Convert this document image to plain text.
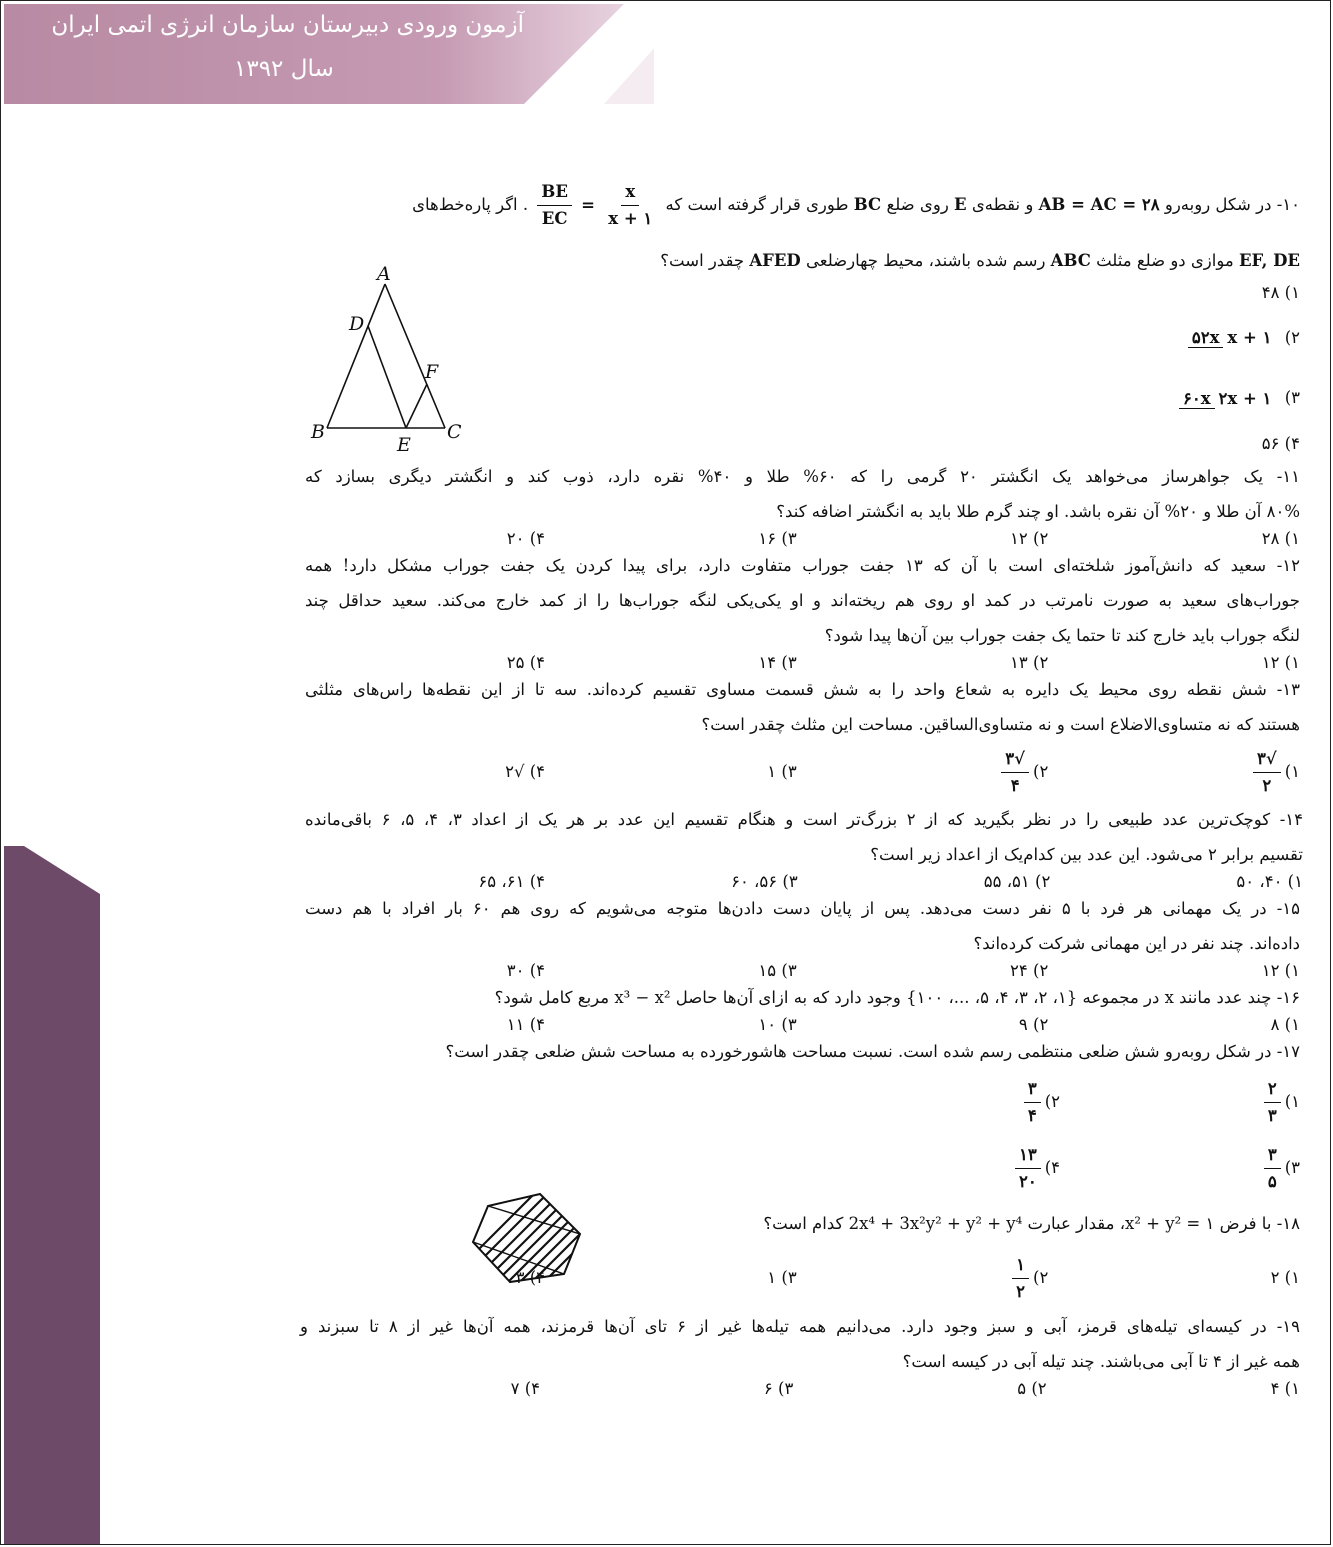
آزمون ورودی دبیرستان سازمان انرژی اتمی ایران
سال ۱۳۹۲
A
D
F
B	C
E
۱۰- در شکل روبه‌رو AB = AC = ۲۸ و نقطه‌ی E روی ضلع BC طوری قرار گرفته است که
$\frac{BE}{EC} = \frac{x}{x + ۱}$
. اگر پاره‌خط‌های
EF, DE موازی دو ضلع مثلث ABC رسم شده باشند، محیط چهارضلعی AFED چقدر است؟
۱) ۴۸
۲) ۵۲x x + ۱
۳) ۶۰x ۲x + ۱
۴) ۵۶
۱۱- یک جواهرساز می‌خواهد یک انگشتر ۲۰ گرمی را که ۶۰% طلا و ۴۰% نقره دارد، ذوب کند و انگشتر دیگری بسازد که
۸۰% آن طلا و ۲۰% آن نقره باشد. او چند گرم طلا باید به انگشتر اضافه کند؟
۱) ۲۸
۲) ۱۲
۳) ۱۶
۴) ۲۰
۱۲- سعید که دانش‌آموز شلخته‌ای است با آن که ۱۳ جفت جوراب متفاوت دارد، برای پیدا کردن یک جفت جوراب مشکل دارد! همه
جوراب‌های سعید به صورت نامرتب در کمد او روی هم ریخته‌اند و او یکی‌یکی لنگه جوراب‌ها را از کمد خارج می‌کند. سعید حداقل چند
لنگه جوراب باید خارج کند تا حتما یک جفت جوراب بین آن‌ها پیدا شود؟
۱) ۱۲
۲) ۱۳
۳) ۱۴
۴) ۲۵
۱۳- شش نقطه روی محیط یک دایره به شعاع واحد را به شش قسمت مساوی تقسیم کرده‌اند. سه تا از این نقطه‌ها راس‌های مثلثی
هستند که نه متساوی‌الاضلاع است و نه متساوی‌الساقین. مساحت این مثلث چقدر است؟
۱)
$\frac{√۳}{۲}$
۲)
$\frac{√۳}{۴}$
۳) ۱
۴) √۲
۱۴- کوچک‌ترین عدد طبیعی را در نظر بگیرید که از ۲ بزرگ‌تر است و هنگام تقسیم این عدد بر هر یک از اعداد ۳، ۴، ۵، ۶ باقی‌مانده
تقسیم برابر ۲ می‌شود. این عدد بین کدام‌یک از اعداد زیر است؟
۱) ۴۰، ۵۰
۲) ۵۱، ۵۵
۳) ۵۶، ۶۰
۴) ۶۱، ۶۵
۱۵- در یک مهمانی هر فرد با ۵ نفر دست می‌دهد. پس از پایان دست دادن‌ها متوجه می‌شویم که روی هم ۶۰ بار افراد با هم دست
داده‌اند. چند نفر در این مهمانی شرکت کرده‌اند؟
۱) ۱۲
۲) ۲۴
۳) ۱۵
۴) ۳۰
۱۶- چند عدد مانند x در مجموعه {۱، ۲، ۳، ۴، ۵، ...، ۱۰۰} وجود دارد که به ازای آن‌ها حاصل x³ − x² مربع کامل شود؟
۱) ۸
۲) ۹
۳) ۱۰
۴) ۱۱
۱۷- در شکل روبه‌رو شش ضلعی منتظمی رسم شده است. نسبت مساحت هاشورخورده به مساحت شش ضلعی چقدر است؟
۱)
$\frac{۲}{۳}$
۲)
$\frac{۳}{۴}$
۳)
$\frac{۳}{۵}$
۴)
$\frac{۱۳}{۲۰}$
۱۸- با فرض x² + y² = ۱، مقدار عبارت 2x⁴ + 3x²y² + y² + y⁴ کدام است؟
۱) ۲
۲)
$\frac{۱}{۲}$
۳) ۱
۴) ۳
۱۹- در کیسه‌ای تیله‌های قرمز، آبی و سبز وجود دارد. می‌دانیم همه تیله‌ها غیر از ۶ تای آن‌ها قرمزند، همه آن‌ها غیر از ۸ تا سبزند و
همه غیر از ۴ تا آبی می‌باشند. چند تیله آبی در کیسه است؟
۱) ۴
۲) ۵
۳) ۶
۴) ۷
